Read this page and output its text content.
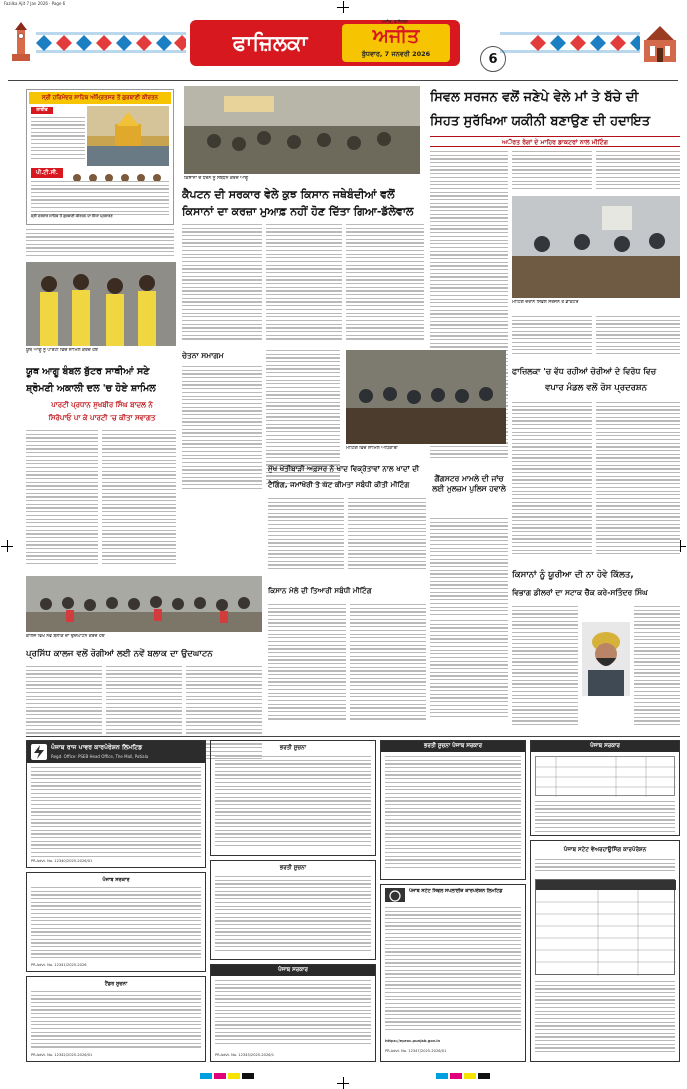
Fazilka Ajit 7 Jan 2026 · Page 6
ਫਾਜ਼ਿਲਕਾ	ਅਜੀਤ
ਬੁੱਧਵਾਰ, 7 ਜਨਵਰੀ 2026
ਅਜੀਤ, ਫਾਜ਼ਿਲਕਾ
6
ਸ੍ਰੀ ਹਰਿਮੰਦਰ ਸਾਹਿਬ ਅੰਮ੍ਰਿਤਸਰ ਤੋਂ ਗੁਰਬਾਣੀ ਕੀਰਤਨ
ਲਾਈਵ
ਪੀ.ਟੀ.ਸੀ.
ਸ੍ਰੀ ਦਰਬਾਰ ਸਾਹਿਬ ਤੋਂ ਗੁਰਬਾਣੀ ਕੀਰਤਨ ਦਾ ਸਿੱਧਾ ਪ੍ਰਸਾਰਣ
ਕਿਸਾਨਾਂ ਦੇ ਧਰਨੇ ਨੂੰ ਸੰਬੋਧਨ ਕਰਦੇ ਆਗੂ
ਕੈਪਟਨ ਦੀ ਸਰਕਾਰ ਵੇਲੇ ਕੁਝ ਕਿਸਾਨ ਜਥੇਬੰਦੀਆਂ ਵਲੋਂ
ਕਿਸਾਨਾਂ ਦਾ ਕਰਜ਼ਾ ਮੁਆਫ਼ ਨਹੀਂ ਹੋਣ ਦਿੱਤਾ ਗਿਆ-ਡੱਲੇਵਾਲ
ਸਿਵਲ ਸਰਜਨ ਵਲੋਂ ਜਣੇਪੇ ਵੇਲੇ ਮਾਂ ਤੇ ਬੱਚੇ ਦੀ
ਸਿਹਤ ਸੁਰੱਖਿਆ ਯਕੀਨੀ ਬਣਾਉਣ ਦੀ ਹਦਾਇਤ
ਅੌਰਤ ਰੋਗਾਂ ਦੇ ਮਾਹਿਰ ਡਾਕਟਰਾਂ ਨਾਲ ਮੀਟਿੰਗ
ਮੀਟਿੰਗ ਦੌਰਾਨ ਸਿਵਲ ਸਰਜਨ ਤੇ ਡਾਕਟਰ
ਫਾਜ਼ਿਲਕਾ 'ਚ ਵੱਧ ਰਹੀਆਂ ਚੋਰੀਆਂ ਦੇ ਵਿਰੋਧ ਵਿਚ
ਵਪਾਰ ਮੰਡਲ ਵਲੋਂ ਰੋਸ ਪ੍ਰਦਰਸ਼ਨ
ਯੂਥ ਆਗੂ ਨੂੰ ਪਾਰਟੀ ਵਿਚ ਸ਼ਾਮਿਲ ਕਰਦੇ ਹੋਏ
ਯੂਥ ਆਗੂ ਬੰਬਲ ਬੁੱਟਰ ਸਾਥੀਆਂ ਸਣੇ
ਸ਼੍ਰੋਮਣੀ ਅਕਾਲੀ ਦਲ 'ਚ ਹੋਏ ਸ਼ਾਮਿਲ
ਪਾਰਟੀ ਪ੍ਰਧਾਨ ਸੁਖਬੀਰ ਸਿੰਘ ਬਾਦਲ ਨੇ
ਸਿਰੋਪਾਓ ਪਾ ਕੇ ਪਾਰਟੀ 'ਚ ਕੀਤਾ ਸਵਾਗਤ
ਚੇਤਨਾ ਸਮਾਗਮ
ਮੀਟਿੰਗ ਵਿਚ ਸ਼ਾਮਿਲ ਅਧਿਕਾਰੀ
ਗੈਂਗਸਟਰ ਮਾਮਲੇ ਦੀ ਜਾਂਚ ਲਈ ਮੁਲਜ਼ਮ ਪੁਲਿਸ ਹਵਾਲੇ
ਮੁੱਖ ਖੇਤੀਬਾੜੀ ਅਫ਼ਸਰ ਨੇ ਖਾਦ ਵਿਕ੍ਰੇਤਾਵਾਂ ਨਾਲ ਖਾਦਾਂ ਦੀ
ਟੈਗਿੰਗ, ਜਮਾਂਖੋਰੀ ਤੇ ਘੱਟ ਕੀਮਤਾਂ ਸਬੰਧੀ ਕੀਤੀ ਮੀਟਿੰਗ
ਕਾਲਜ ਵਿਖੇ ਨਵੇਂ ਬਲਾਕ ਦਾ ਉਦਘਾਟਨ ਕਰਦੇ ਹੋਏ
ਪ੍ਰਸਿੱਧ ਕਾਲਜ ਵਲੋਂ ਰੋਗੀਆਂ ਲਈ ਨਵੇਂ ਬਲਾਕ ਦਾ ਉਦਘਾਟਨ
ਕਿਸਾਨ ਮੇਲੇ ਦੀ ਤਿਆਰੀ ਸਬੰਧੀ ਮੀਟਿੰਗ
ਕਿਸਾਨਾਂ ਨੂੰ ਯੂਰੀਆ ਦੀ ਨਾ ਹੋਵੇ ਕਿੱਲਤ,
ਵਿਭਾਗ ਡੀਲਰਾਂ ਦਾ ਸਟਾਕ ਚੈੱਕ ਕਰੇ-ਸਤਿੰਦਰ ਸਿੰਘ
ਪੰਜਾਬ ਰਾਜ ਪਾਵਰ ਕਾਰਪੋਰੇਸ਼ਨ ਲਿਮਟਿਡ
Regd. Office: PSEB Head Office, The Mall, Patiala
PR.Advt. No. 12340/2025-2026/01
ਪੰਜਾਬ ਸਰਕਾਰ
PR.Advt. No. 12341/2025-2026
ਟੈਂਡਰ ਸੂਚਨਾ
PR.Advt. No. 12342/2025-2026/01
ਭਰਤੀ ਸੂਚਨਾ
ਭਰਤੀ ਸੂਚਨਾ
ਪੰਜਾਬ ਸਰਕਾਰ
PR.Advt. No. 12343/2025-2026/1
ਭਰਤੀ ਸੂਚਨਾ ਪੰਜਾਬ ਸਰਕਾਰ
ਪੰਜਾਬ ਸਟੇਟ ਸਿਵਲ ਸਪਲਾਈਜ਼ ਕਾਰਪੋਰੇਸ਼ਨ ਲਿਮਟਿਡ
https://eproc.punjab.gov.in
PR.Advt. No. 12347/2025-2026/01
ਪੰਜਾਬ ਸਰਕਾਰ
ਪੰਜਾਬ ਸਟੇਟ ਵੇਅਰਹਾਊਸਿੰਗ ਕਾਰਪੋਰੇਸ਼ਨ
